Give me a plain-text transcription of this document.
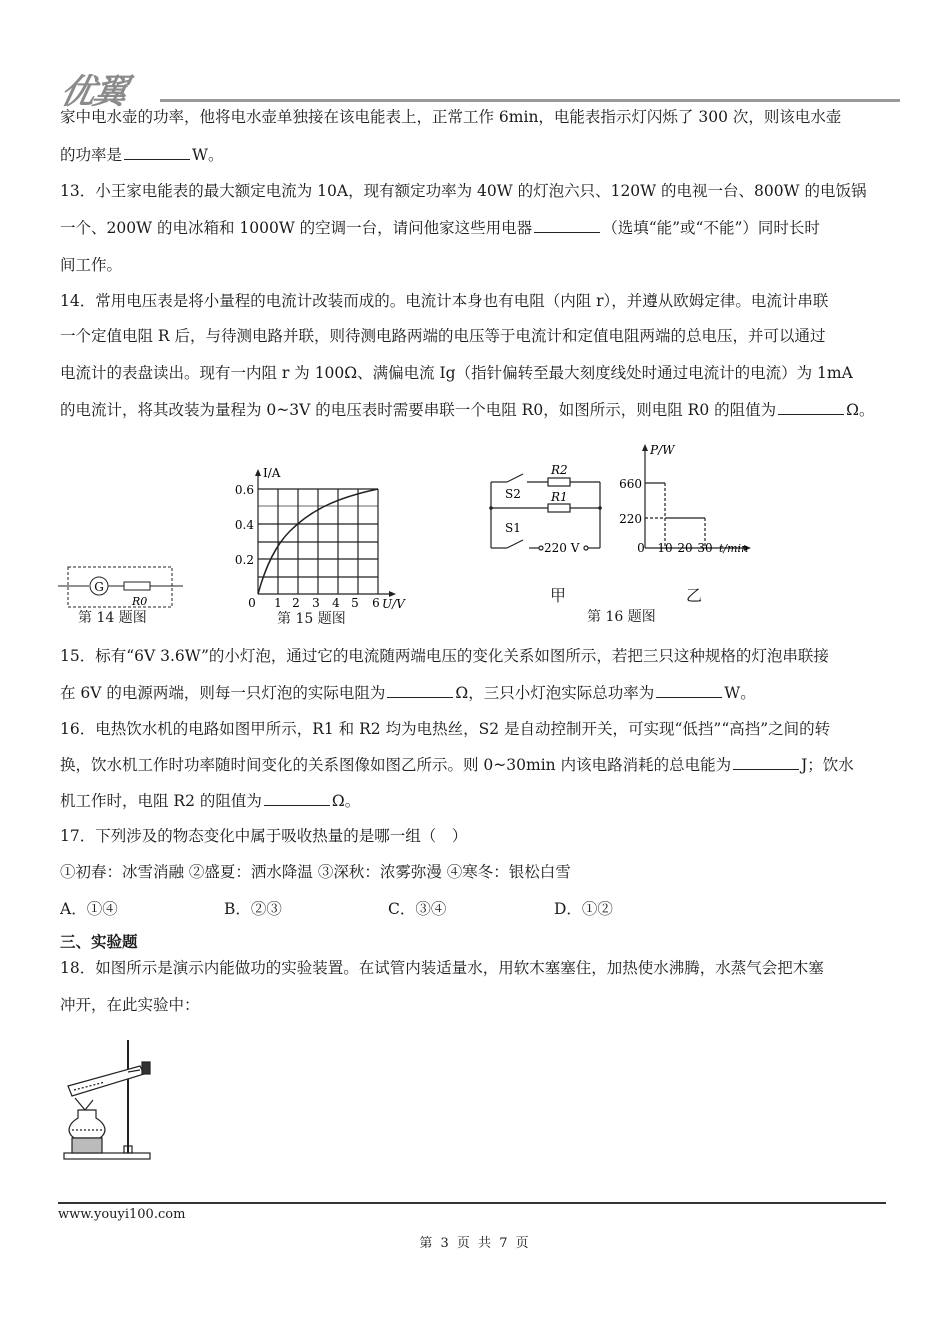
优翼
家中电水壶的功率，他将电水壶单独接在该电能表上，正常工作 6min，电能表指示灯闪烁了 300 次，则该电水壶
的功率是	W。
13．小王家电能表的最大额定电流为 10A，现有额定功率为 40W 的灯泡六只、120W 的电视一台、800W 的电饭锅
一个、200W 的电冰箱和 1000W 的空调一台，请问他家这些用电器	（选填“能”或“不能”）同时长时
间工作。
14．常用电压表是将小量程的电流计改装而成的。电流计本身也有电阻（内阻 r），并遵从欧姆定律。电流计串联
一个定值电阻 R 后，与待测电路并联，则待测电路两端的电压等于电流计和定值电阻两端的总电压，并可以通过
电流计的表盘读出。现有一内阻 r 为 100Ω、满偏电流 Ig（指针偏转至最大刻度线处时通过电流计的电流）为 1mA
的电流计，将其改装为量程为 0~3V 的电压表时需要串联一个电阻 R0，如图所示，则电阻 R0 的阻值为	Ω。
G
R0
第 14 题图
I/A
0.6
0.4
0.2
0 1 2 3 4 5 6 U/V
第 15 题图
R2
R1
S2
S1
220 V
P/W
660
220
0 10 20 30 t/min
甲	乙
第 16 题图
15．标有“6V 3.6W”的小灯泡，通过它的电流随两端电压的变化关系如图所示，若把三只这种规格的灯泡串联接
在 6V 的电源两端，则每一只灯泡的实际电阻为	Ω，三只小灯泡实际总功率为	W。
16．电热饮水机的电路如图甲所示，R1 和 R2 均为电热丝，S2 是自动控制开关，可实现“低挡”“高挡”之间的转
换，饮水机工作时功率随时间变化的关系图像如图乙所示。则 0~30min 内该电路消耗的总电能为	J；饮水
机工作时，电阻 R2 的阻值为	Ω。
17．下列涉及的物态变化中属于吸收热量的是哪一组（　）
①初春：冰雪消融 ②盛夏：洒水降温 ③深秋：浓雾弥漫 ④寒冬：银松白雪
A．①④	B．②③	C．③④	D．①②
三、实验题
18．如图所示是演示内能做功的实验装置。在试管内装适量水，用软木塞塞住，加热使水沸腾，水蒸气会把木塞
冲开，在此实验中：
www.youyi100.com
第 3 页 共 7 页
